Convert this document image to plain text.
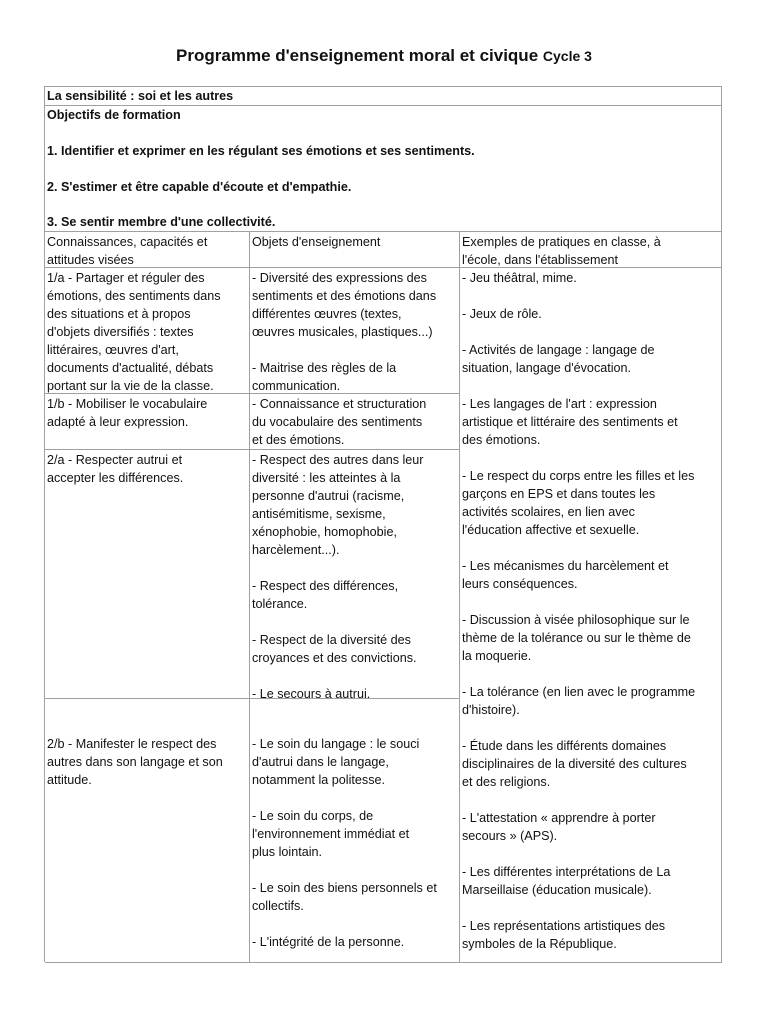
Programme d'enseignement moral et civique Cycle 3
La sensibilité : soi et les autres
Objectifs de formation
1. Identifier et exprimer en les régulant ses émotions et ses sentiments.
2. S'estimer et être capable d'écoute et d'empathie.
3. Se sentir membre d'une collectivité.
Connaissances, capacités et
attitudes visées
Objets d'enseignement	Exemples de pratiques en classe, à
l'école, dans l'établissement
1/a - Partager et réguler des
émotions, des sentiments dans
des situations et à propos
d'objets diversifiés : textes
littéraires, œuvres d'art,
documents d'actualité, débats
portant sur la vie de la classe.
- Diversité des expressions des
sentiments et des émotions dans
différentes œuvres (textes,
œuvres musicales, plastiques...)
- Maitrise des règles de la
communication.
1/b - Mobiliser le vocabulaire
adapté à leur expression.
- Connaissance et structuration
du vocabulaire des sentiments
et des émotions.
2/a - Respecter autrui et
accepter les différences.
- Respect des autres dans leur
diversité : les atteintes à la
personne d'autrui (racisme,
antisémitisme, sexisme,
xénophobie, homophobie,
harcèlement...).
- Respect des différences,
tolérance.
- Respect de la diversité des
croyances et des convictions.
- Le secours à autrui.
2/b - Manifester le respect des
autres dans son langage et son
attitude.
- Le soin du langage : le souci
d'autrui dans le langage,
notamment la politesse.
- Le soin du corps, de
l'environnement immédiat et
plus lointain.
- Le soin des biens personnels et
collectifs.
- L'intégrité de la personne.
- Jeu théâtral, mime.
- Jeux de rôle.
- Activités de langage : langage de
situation, langage d'évocation.
- Les langages de l'art : expression
artistique et littéraire des sentiments et
des émotions.
- Le respect du corps entre les filles et les
garçons en EPS et dans toutes les
activités scolaires, en lien avec
l'éducation affective et sexuelle.
- Les mécanismes du harcèlement et
leurs conséquences.
- Discussion à visée philosophique sur le
thème de la tolérance ou sur le thème de
la moquerie.
- La tolérance (en lien avec le programme
d'histoire).
- Étude dans les différents domaines
disciplinaires de la diversité des cultures
et des religions.
- L'attestation « apprendre à porter
secours » (APS).
- Les différentes interprétations de La
Marseillaise (éducation musicale).
- Les représentations artistiques des
symboles de la République.
